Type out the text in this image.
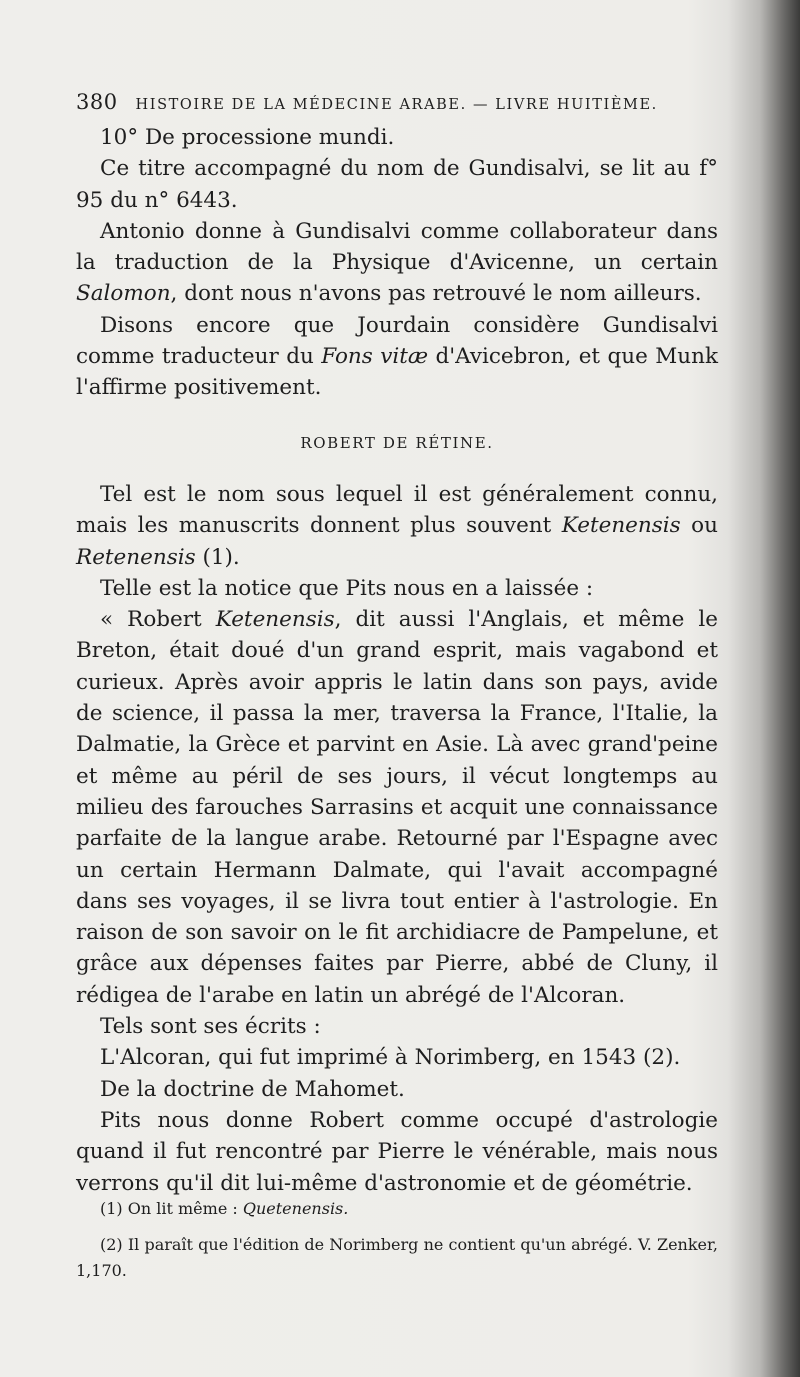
380 HISTOIRE DE LA MÉDECINE ARABE. — LIVRE HUITIÈME.

10° De processione mundi.

Ce titre accompagné du nom de Gundisalvi, se lit au f° 95 du n° 6443.

Antonio donne à Gundisalvi comme collaborateur dans la traduction de la Physique d'Avicenne, un certain Salomon, dont nous n'avons pas retrouvé le nom ailleurs.

Disons encore que Jourdain considère Gundisalvi comme traducteur du Fons vitæ d'Avicebron, et que Munk l'affirme positivement.

ROBERT DE RÉTINE.

Tel est le nom sous lequel il est généralement connu, mais les manuscrits donnent plus souvent Ketenensis ou Retenensis (1).

Telle est la notice que Pits nous en a laissée :

« Robert Ketenensis, dit aussi l'Anglais, et même le Breton, était doué d'un grand esprit, mais vagabond et curieux. Après avoir appris le latin dans son pays, avide de science, il passa la mer, traversa la France, l'Italie, la Dalmatie, la Grèce et parvint en Asie. Là avec grand'peine et même au péril de ses jours, il vécut longtemps au milieu des farouches Sarrasins et acquit une connaissance parfaite de la langue arabe. Retourné par l'Espagne avec un certain Hermann Dalmate, qui l'avait accompagné dans ses voyages, il se livra tout entier à l'astrologie. En raison de son savoir on le fit archidiacre de Pampelune, et grâce aux dépenses faites par Pierre, abbé de Cluny, il rédigea de l'arabe en latin un abrégé de l'Alcoran.

Tels sont ses écrits :

L'Alcoran, qui fut imprimé à Norimberg, en 1543 (2).

De la doctrine de Mahomet.

Pits nous donne Robert comme occupé d'astrologie quand il fut rencontré par Pierre le vénérable, mais nous verrons qu'il dit lui-même d'astronomie et de géométrie.

(1) On lit même : Quetenensis.

(2) Il paraît que l'édition de Norimberg ne contient qu'un abrégé. V. Zenker, 1,170.
